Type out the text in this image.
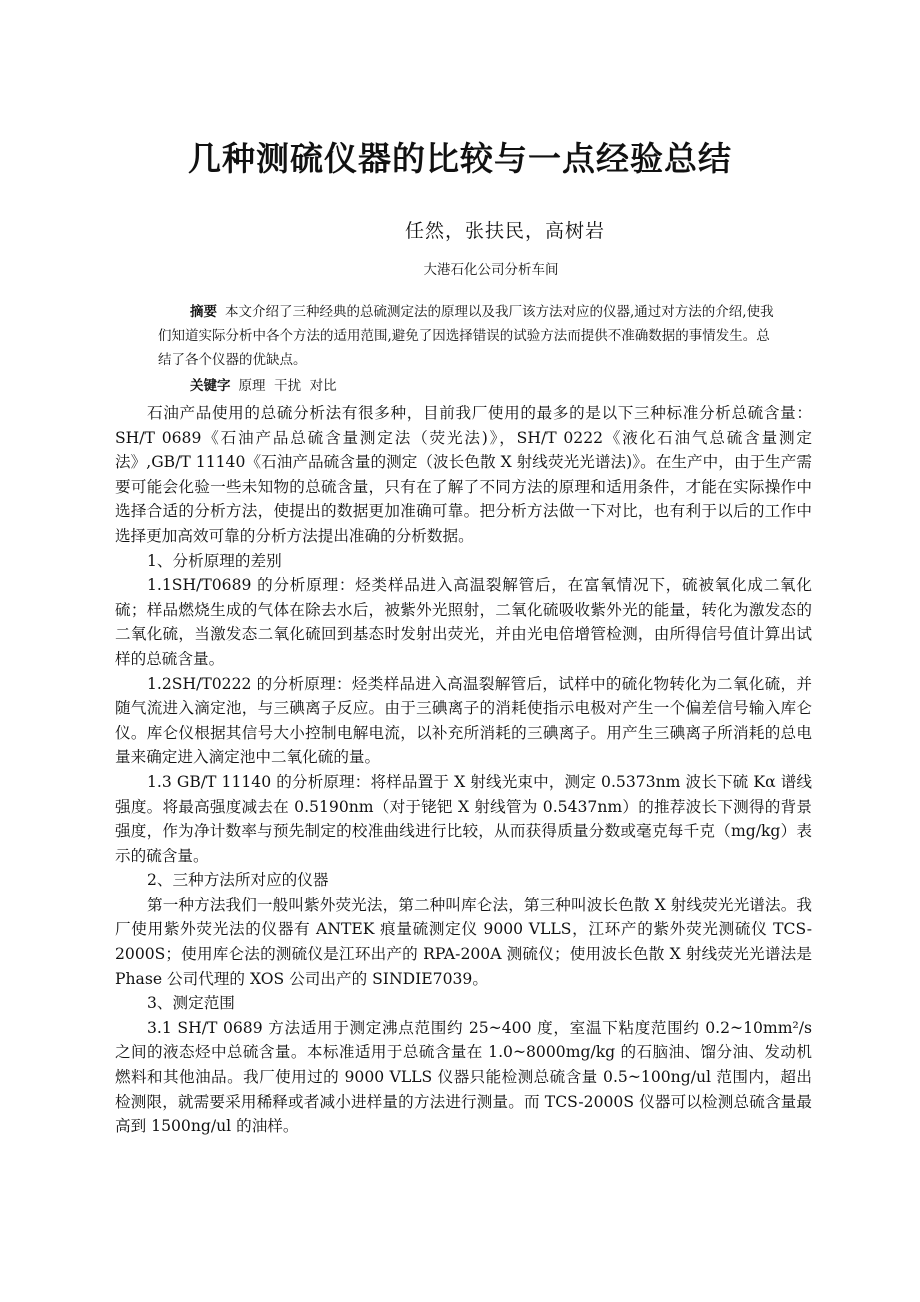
几种测硫仪器的比较与一点经验总结
任然，张扶民，高树岩
大港石化公司分析车间
摘要 本文介绍了三种经典的总硫测定法的原理以及我厂该方法对应的仪器,通过对方法的介绍,使我们知道实际分析中各个方法的适用范围,避免了因选择错误的试验方法而提供不准确数据的事情发生。总结了各个仪器的优缺点。
关键字 原理  干扰  对比

石油产品使用的总硫分析法有很多种，目前我厂使用的最多的是以下三种标准分析总硫含量：SH/T 0689《石油产品总硫含量测定法（荧光法)》，SH/T 0222《液化石油气总硫含量测定法》,GB/T 11140《石油产品硫含量的测定（波长色散 X 射线荧光光谱法)》。在生产中，由于生产需要可能会化验一些未知物的总硫含量，只有在了解了不同方法的原理和适用条件，才能在实际操作中选择合适的分析方法，使提出的数据更加准确可靠。把分析方法做一下对比，也有利于以后的工作中选择更加高效可靠的分析方法提出准确的分析数据。

1、分析原理的差别

1.1SH/T0689 的分析原理：烃类样品进入高温裂解管后，在富氧情况下，硫被氧化成二氧化硫；样品燃烧生成的气体在除去水后，被紫外光照射，二氧化硫吸收紫外光的能量，转化为激发态的二氧化硫，当激发态二氧化硫回到基态时发射出荧光，并由光电倍增管检测，由所得信号值计算出试样的总硫含量。

1.2SH/T0222 的分析原理：烃类样品进入高温裂解管后，试样中的硫化物转化为二氧化硫，并随气流进入滴定池，与三碘离子反应。由于三碘离子的消耗使指示电极对产生一个偏差信号输入库仑仪。库仑仪根据其信号大小控制电解电流，以补充所消耗的三碘离子。用产生三碘离子所消耗的总电量来确定进入滴定池中二氧化硫的量。

1.3 GB/T 11140 的分析原理：将样品置于 X 射线光束中，测定 0.5373nm 波长下硫 Kα 谱线强度。将最高强度减去在 0.5190nm（对于铑钯 X 射线管为 0.5437nm）的推荐波长下测得的背景强度，作为净计数率与预先制定的校准曲线进行比较，从而获得质量分数或毫克每千克（mg/kg）表示的硫含量。

2、三种方法所对应的仪器

第一种方法我们一般叫紫外荧光法，第二种叫库仑法，第三种叫波长色散 X 射线荧光光谱法。我厂使用紫外荧光法的仪器有 ANTEK 痕量硫测定仪 9000 VLLS，江环产的紫外荧光测硫仪 TCS-2000S；使用库仑法的测硫仪是江环出产的 RPA-200A 测硫仪；使用波长色散 X 射线荧光光谱法是 Phase 公司代理的 XOS 公司出产的 SINDIE7039。

3、测定范围

3.1 SH/T 0689 方法适用于测定沸点范围约 25~400 度，室温下粘度范围约 0.2~10mm²/s 之间的液态烃中总硫含量。本标准适用于总硫含量在 1.0~8000mg/kg 的石脑油、馏分油、发动机燃料和其他油品。我厂使用过的 9000 VLLS 仪器只能检测总硫含量 0.5~100ng/ul 范围内，超出检测限，就需要采用稀释或者减小进样量的方法进行测量。而 TCS-2000S 仪器可以检测总硫含量最高到 1500ng/ul 的油样。
